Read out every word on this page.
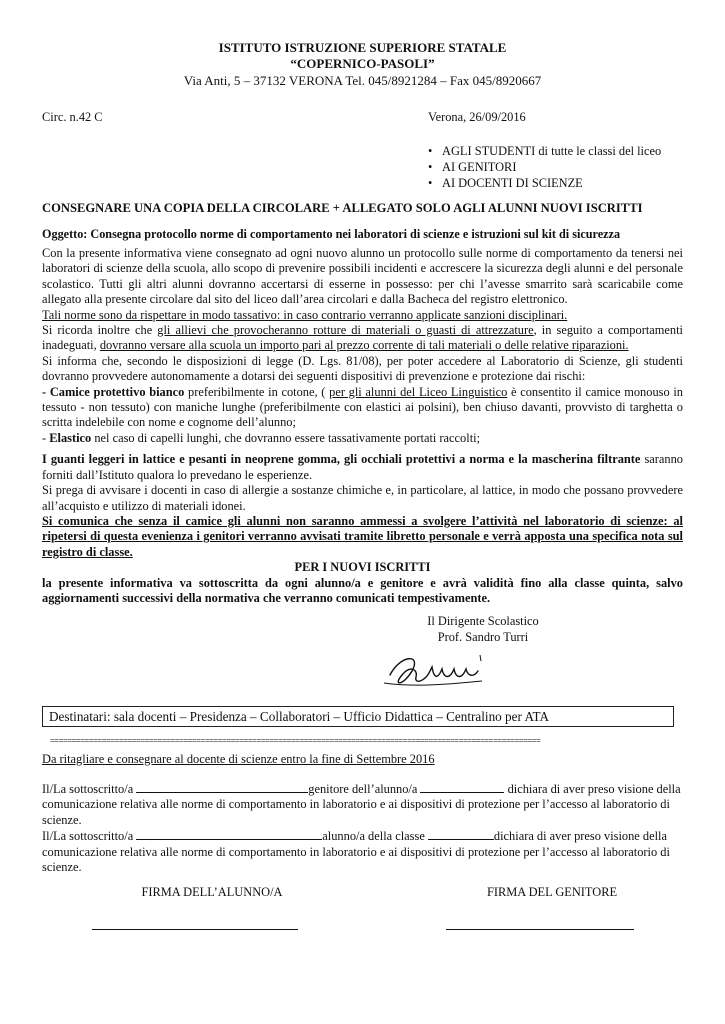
ISTITUTO ISTRUZIONE SUPERIORE STATALE
“COPERNICO-PASOLI”
Via Anti, 5 – 37132 VERONA Tel. 045/8921284 – Fax 045/8920667
Circ. n.42 C	Verona, 26/09/2016
• AGLI STUDENTI di tutte le classi del liceo
• AI GENITORI
• AI DOCENTI DI SCIENZE
CONSEGNARE UNA COPIA DELLA CIRCOLARE + ALLEGATO SOLO AGLI ALUNNI NUOVI ISCRITTI
Oggetto: Consegna protocollo norme di comportamento nei laboratori di scienze e istruzioni sul kit di sicurezza

Con la presente informativa viene consegnato ad ogni nuovo alunno un protocollo sulle norme di comportamento da tenersi nei laboratori di scienze della scuola, allo scopo di prevenire possibili incidenti e accrescere la sicurezza degli alunni e del personale scolastico. Tutti gli altri alunni dovranno accertarsi di esserne in possesso: per chi l’avesse smarrito sarà scaricabile come allegato alla presente circolare dal sito del liceo dall’area circolari e dalla Bacheca del registro elettronico.

Tali norme sono da rispettare in modo tassativo: in caso contrario verranno applicate sanzioni disciplinari.

Si ricorda inoltre che gli allievi che provocheranno rotture di materiali o guasti di attrezzature, in seguito a comportamenti inadeguati, dovranno versare alla scuola un importo pari al prezzo corrente di tali materiali o delle relative riparazioni.

Si informa che, secondo le disposizioni di legge (D. Lgs. 81/08), per poter accedere al Laboratorio di Scienze, gli studenti dovranno provvedere autonomamente a dotarsi dei seguenti dispositivi di prevenzione e protezione dai rischi:

- Camice protettivo bianco preferibilmente in cotone, ( per gli alunni del Liceo Linguistico è consentito il camice monouso in tessuto - non tessuto) con maniche lunghe (preferibilmente con elastici ai polsini), ben chiuso davanti, provvisto di targhetta o scritta indelebile con nome e cognome dell’alunno;

- Elastico nel caso di capelli lunghi, che dovranno essere tassativamente portati raccolti;

I guanti leggeri in lattice e pesanti in neoprene gomma, gli occhiali protettivi a norma e la mascherina filtrante saranno forniti dall’Istituto qualora lo prevedano le esperienze.

Si prega di avvisare i docenti in caso di allergie a sostanze chimiche e, in particolare, al lattice, in modo che possano provvedere all’acquisto e utilizzo di materiali idonei.

Si comunica che senza il camice gli alunni non saranno ammessi a svolgere l’attività nel laboratorio di scienze: al ripetersi di questa evenienza i genitori verranno avvisati tramite libretto personale e verrà apposta una specifica nota sul registro di classe.

PER I NUOVI ISCRITTI

la presente informativa va sottoscritta da ogni alunno/a e genitore e avrà validità fino alla classe quinta, salvo aggiornamenti successivi della normativa che verranno comunicati tempestivamente.

Il Dirigente Scolastico
Prof. Sandro Turri
Destinatari: sala docenti – Presidenza – Collaboratori – Ufficio Didattica – Centralino per ATA
==================================================================================================================
Da ritagliare e consegnare al docente di scienze entro la fine di Settembre 2016

Il/La sottoscritto/a	genitore dell’alunno/a	dichiara di aver preso visione della comunicazione relativa alle norme di comportamento in laboratorio e ai dispositivi di protezione per l’accesso al laboratorio di scienze.

Il/La sottoscritto/a	alunno/a della classe	dichiara di aver preso visione della comunicazione relativa alle norme di comportamento in laboratorio e ai dispositivi di protezione per l’accesso al laboratorio di scienze.

FIRMA DELL’ALUNNO/A	FIRMA DEL GENITORE
